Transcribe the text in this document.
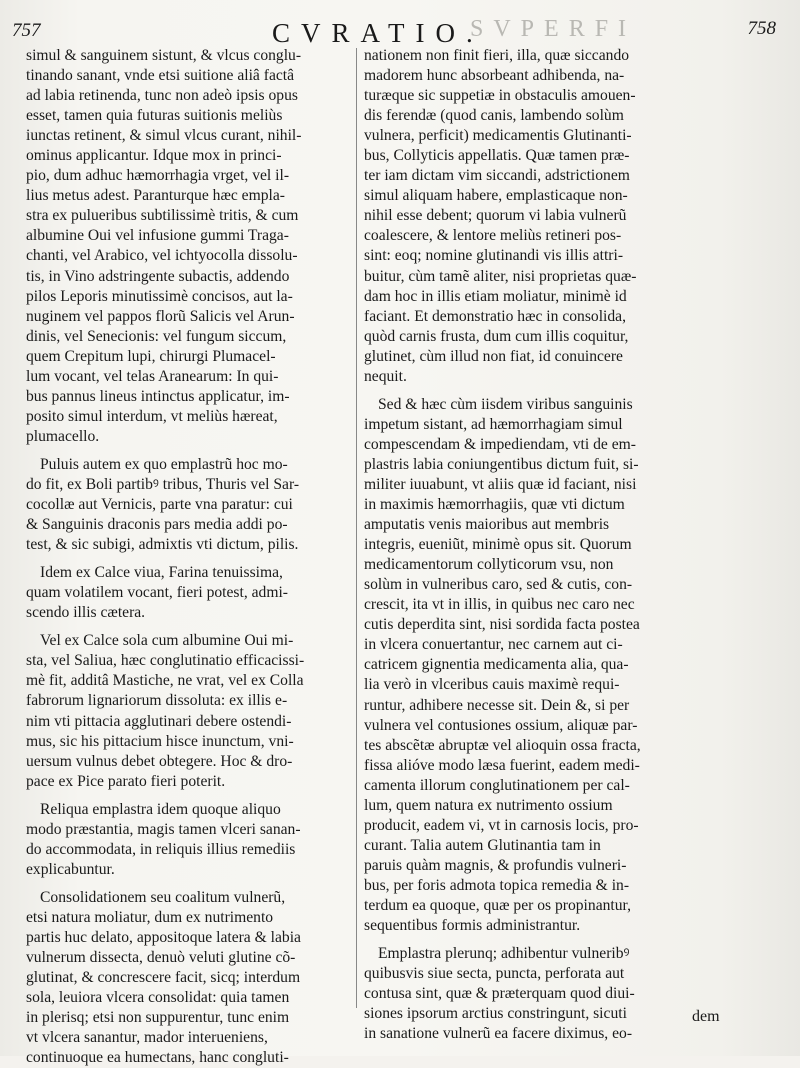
757	SVPERFI
CVRATIO.	758
simul & sanguinem sistunt, & vlcus conglu-
tinando sanant, vnde etsi suitione aliâ factâ
ad labia retinenda, tunc non adeò ipsis opus
esset, tamen quia futuras suitionis meliùs
iunctas retinent, & simul vlcus curant, nihil-
ominus applicantur. Idque mox in princi-
pio, dum adhuc hæmorrhagia vrget, vel il-
lius metus adest. Paranturque hæc empla-
stra ex pulueribus subtilissimè tritis, & cum
albumine Oui vel infusione gummi Traga-
chanti, vel Arabico, vel ichtyocolla dissolu-
tis, in Vino adstringente subactis, addendo
pilos Leporis minutissimè concisos, aut la-
nuginem vel pappos florũ Salicis vel Arun-
dinis, vel Senecionis: vel fungum siccum,
quem Crepitum lupi, chirurgi Plumacel-
lum vocant, vel telas Aranearum: In qui-
bus pannus lineus intinctus applicatur, im-
posito simul interdum, vt meliùs hæreat,
plumacello.
Puluis autem ex quo emplastrũ hoc mo-
do fit, ex Boli partibꝰ tribus, Thuris vel Sar-
cocollæ aut Vernicis, parte vna paratur: cui
& Sanguinis draconis pars media addi po-
test, & sic subigi, admixtis vti dictum, pilis.
Idem ex Calce viua, Farina tenuissima,
quam volatilem vocant, fieri potest, admi-
scendo illis cætera.
Vel ex Calce sola cum albumine Oui mi-
sta, vel Saliua, hæc conglutinatio efficacissi-
mè fit, additâ Mastiche, ne vrat, vel ex Colla
fabrorum lignariorum dissoluta: ex illis e-
nim vti pittacia agglutinari debere ostendi-
mus, sic his pittacium hisce inunctum, vni-
uersum vulnus debet obtegere. Hoc & dro-
pace ex Pice parato fieri poterit.
Reliqua emplastra idem quoque aliquo
modo præstantia, magis tamen vlceri sanan-
do accommodata, in reliquis illius remediis
explicabuntur.
Consolidationem seu coalitum vulnerũ,
etsi natura moliatur, dum ex nutrimento
partis huc delato, appositoque latera & labia
vulnerum dissecta, denuò veluti glutine cõ-
glutinat, & concrescere facit, sicq; interdum
sola, leuiora vlcera consolidat: quia tamen
in plerisq; etsi non suppurentur, tunc enim
vt vlcera sanantur, mador interueniens,
continuoque ea humectans, hanc congluti-
nationem non finit fieri, illa, quæ siccando
madorem hunc absorbeant adhibenda, na-
turæque sic suppetiæ in obstaculis amouen-
dis ferendæ (quod canis, lambendo solùm
vulnera, perficit) medicamentis Glutinanti-
bus, Collyticis appellatis. Quæ tamen præ-
ter iam dictam vim siccandi, adstrictionem
simul aliquam habere, emplasticaque non-
nihil esse debent; quorum vi labia vulnerũ
coalescere, & lentore meliùs retineri pos-
sint: eoq; nomine glutinandi vis illis attri-
buitur, cùm tamẽ aliter, nisi proprietas quæ-
dam hoc in illis etiam moliatur, minimè id
faciant. Et demonstratio hæc in consolida,
quòd carnis frusta, dum cum illis coquitur,
glutinet, cùm illud non fiat, id conuincere
nequit.
Sed & hæc cùm iisdem viribus sanguinis
impetum sistant, ad hæmorrhagiam simul
compescendam & impediendam, vti de em-
plastris labia coniungentibus dictum fuit, si-
militer iuuabunt, vt aliis quæ id faciant, nisi
in maximis hæmorrhagiis, quæ vti dictum
amputatis venis maioribus aut membris
integris, eueniũt, minimè opus sit. Quorum
medicamentorum collyticorum vsu, non
solùm in vulneribus caro, sed & cutis, con-
crescit, ita vt in illis, in quibus nec caro nec
cutis deperdita sint, nisi sordida facta postea
in vlcera conuertantur, nec carnem aut ci-
catricem gignentia medicamenta alia, qua-
lia verò in vlceribus cauis maximè requi-
runtur, adhibere necesse sit. Dein &, si per
vulnera vel contusiones ossium, aliquæ par-
tes abscẽtæ abruptæ vel alioquin ossa fracta,
fissa alióve modo læsa fuerint, eadem medi-
camenta illorum conglutinationem per cal-
lum, quem natura ex nutrimento ossium
producit, eadem vi, vt in carnosis locis, pro-
curant. Talia autem Glutinantia tam in
paruis quàm magnis, & profundis vulneri-
bus, per foris admota topica remedia & in-
terdum ea quoque, quæ per os propinantur,
sequentibus formis administrantur.
Emplastra plerunq; adhibentur vulneribꝰ
quibusvis siue secta, puncta, perforata aut
contusa sint, quæ & præterquam quod diui-
siones ipsorum arctius constringunt, sicuti
in sanatione vulnerũ ea facere diximus, eo-
dem
